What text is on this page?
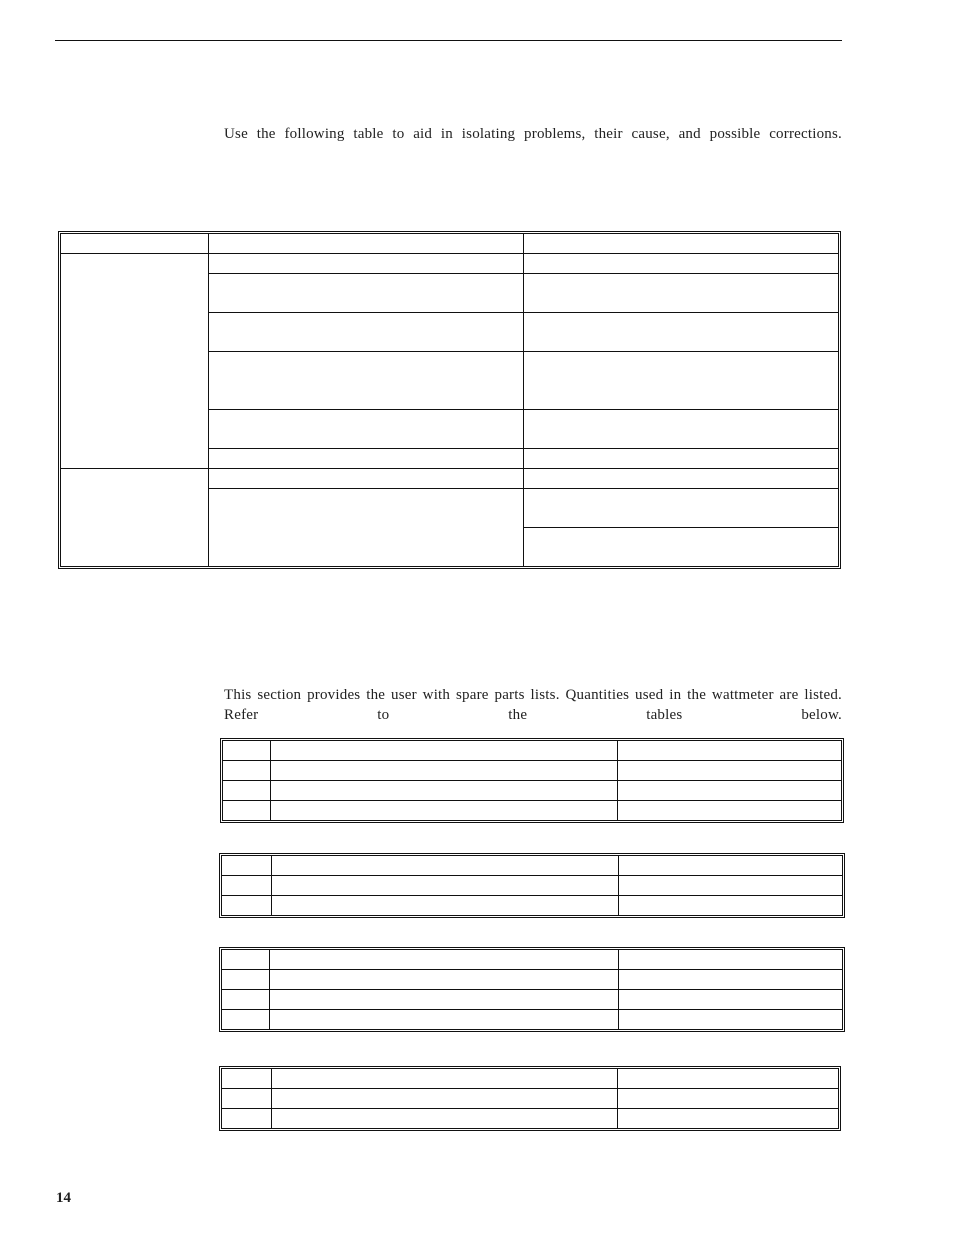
Use the following table to aid in isolating problems, their cause, and possible corrections.

This section provides the user with spare parts lists. Quantities used in the wattmeter are listed. Refer to the tables below.

14
